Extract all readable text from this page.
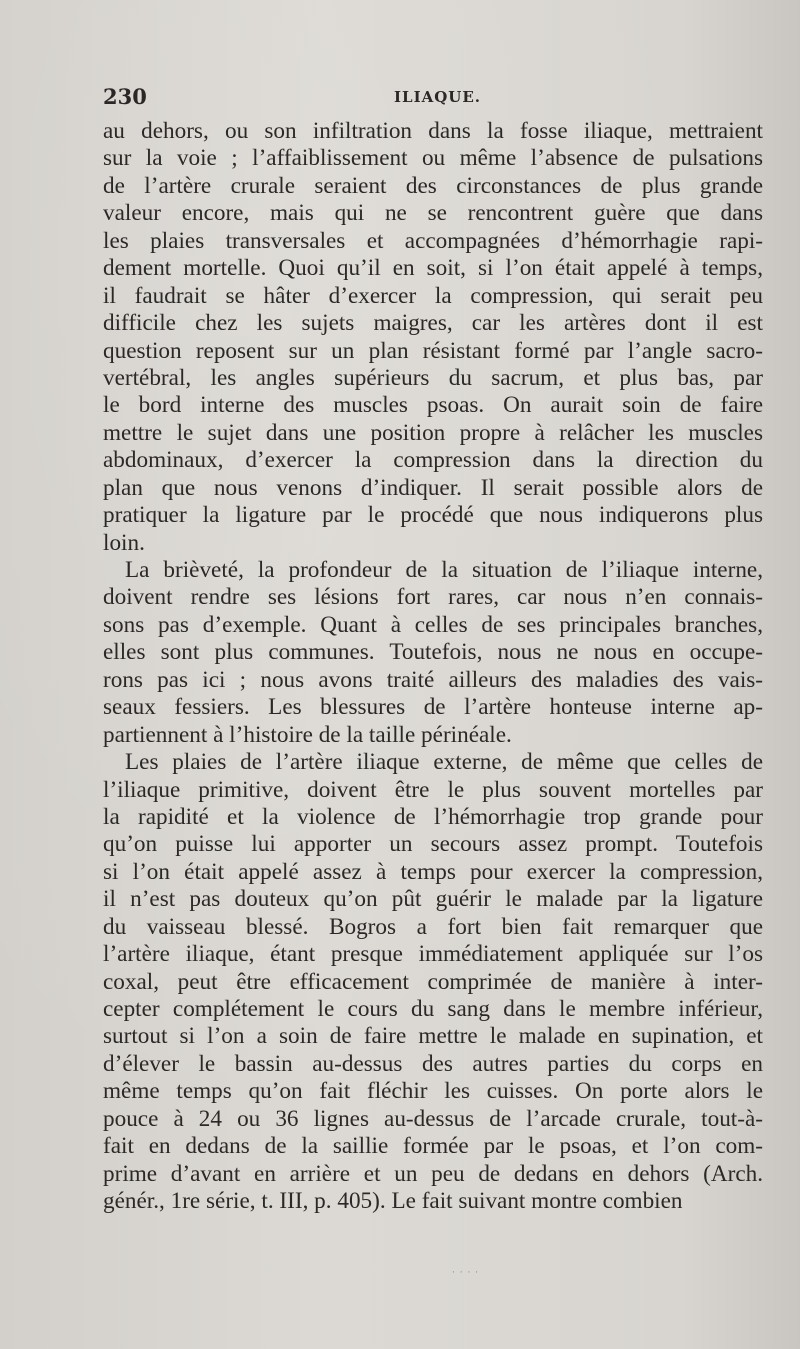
230	ILIAQUE.
au dehors, ou son infiltration dans la fosse iliaque, mettraient
sur la voie ; l’affaiblissement ou même l’absence de pulsations
de l’artère crurale seraient des circonstances de plus grande
valeur encore, mais qui ne se rencontrent guère que dans
les plaies transversales et accompagnées d’hémorrhagie rapi-
dement mortelle. Quoi qu’il en soit, si l’on était appelé à temps,
il faudrait se hâter d’exercer la compression, qui serait peu
difficile chez les sujets maigres, car les artères dont il est
question reposent sur un plan résistant formé par l’angle sacro-
vertébral, les angles supérieurs du sacrum, et plus bas, par
le bord interne des muscles psoas. On aurait soin de faire
mettre le sujet dans une position propre à relâcher les muscles
abdominaux, d’exercer la compression dans la direction du
plan que nous venons d’indiquer. Il serait possible alors de
pratiquer la ligature par le procédé que nous indiquerons plus
loin.
La brièveté, la profondeur de la situation de l’iliaque interne,
doivent rendre ses lésions fort rares, car nous n’en connais-
sons pas d’exemple. Quant à celles de ses principales branches,
elles sont plus communes. Toutefois, nous ne nous en occupe-
rons pas ici ; nous avons traité ailleurs des maladies des vais-
seaux fessiers. Les blessures de l’artère honteuse interne ap-
partiennent à l’histoire de la taille périnéale.
Les plaies de l’artère iliaque externe, de même que celles de
l’iliaque primitive, doivent être le plus souvent mortelles par
la rapidité et la violence de l’hémorrhagie trop grande pour
qu’on puisse lui apporter un secours assez prompt. Toutefois
si l’on était appelé assez à temps pour exercer la compression,
il n’est pas douteux qu’on pût guérir le malade par la ligature
du vaisseau blessé. Bogros a fort bien fait remarquer que
l’artère iliaque, étant presque immédiatement appliquée sur l’os
coxal, peut être efficacement comprimée de manière à inter-
cepter complétement le cours du sang dans le membre inférieur,
surtout si l’on a soin de faire mettre le malade en supination, et
d’élever le bassin au-dessus des autres parties du corps en
même temps qu’on fait fléchir les cuisses. On porte alors le
pouce à 24 ou 36 lignes au-dessus de l’arcade crurale, tout-à-
fait en dedans de la saillie formée par le psoas, et l’on com-
prime d’avant en arrière et un peu de dedans en dehors (Arch.
génér., 1re série, t. III, p. 405). Le fait suivant montre combien
· · · ·
